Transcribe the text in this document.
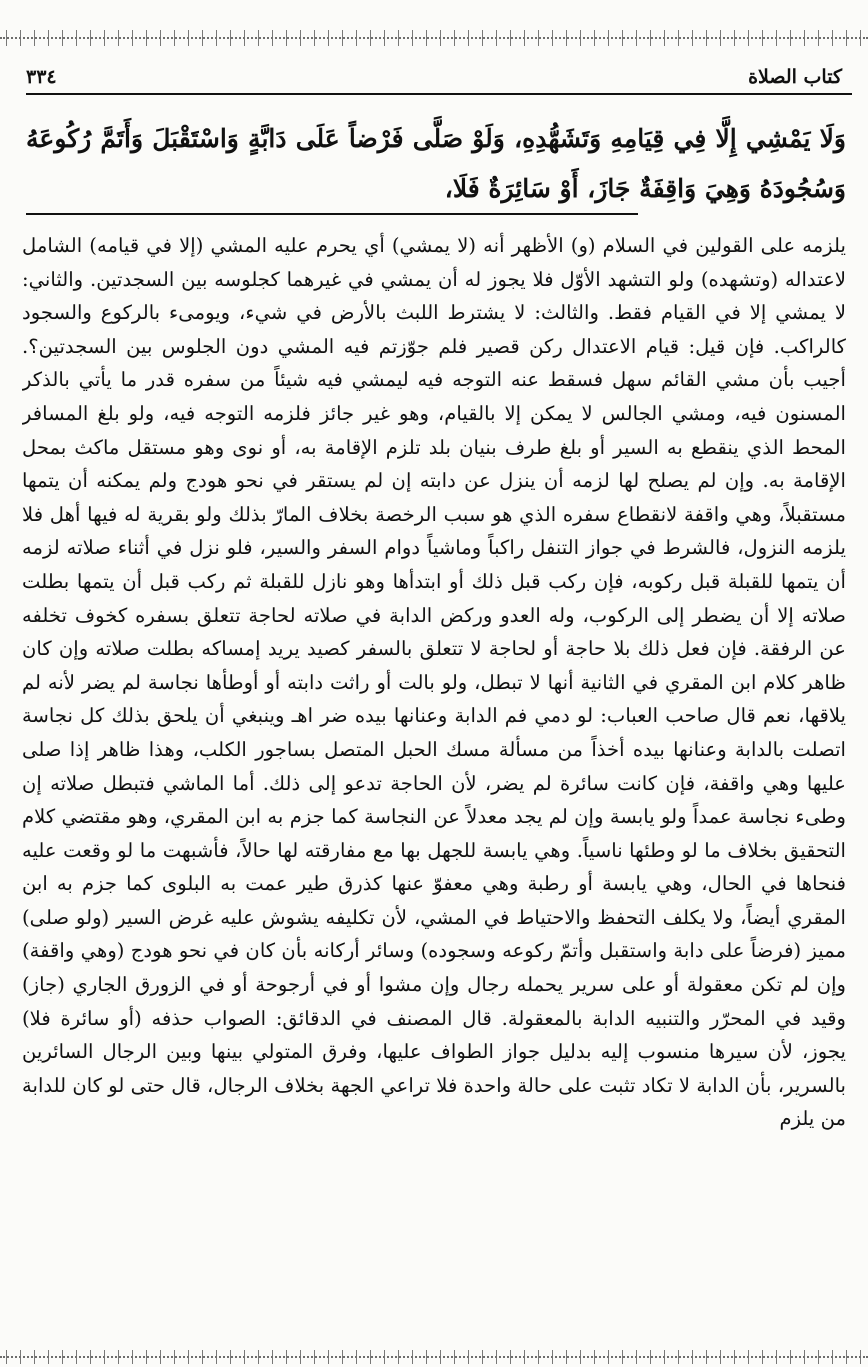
٣٣٤	كتاب الصلاة
وَلَا يَمْشِي إِلَّا فِي قِيَامِهِ وَتَشَهُّدِهِ، وَلَوْ صَلَّى فَرْضاً عَلَى دَابَّةٍ وَاسْتَقْبَلَ وَأَتَمَّ رُكُوعَهُ وَسُجُودَهُ وَهِيَ وَاقِفَةٌ جَازَ، أَوْ سَائِرَةٌ فَلَا،

يلزمه على القولين في السلام (و) الأظهر أنه (لا يمشي) أي يحرم عليه المشي (إلا في قيامه) الشامل لاعتداله (وتشهده) ولو التشهد الأوّل فلا يجوز له أن يمشي في غيرهما كجلوسه بين السجدتين. والثاني: لا يمشي إلا في القيام فقط. والثالث: لا يشترط اللبث بالأرض في شيء، ويومىء بالركوع والسجود كالراكب. فإن قيل: قيام الاعتدال ركن قصير فلم جوّزتم فيه المشي دون الجلوس بين السجدتين؟. أجيب بأن مشي القائم سهل فسقط عنه التوجه فيه ليمشي فيه شيئاً من سفره قدر ما يأتي بالذكر المسنون فيه، ومشي الجالس لا يمكن إلا بالقيام، وهو غير جائز فلزمه التوجه فيه، ولو بلغ المسافر المحط الذي ينقطع به السير أو بلغ طرف بنيان بلد تلزم الإقامة به، أو نوى وهو مستقل ماكث بمحل الإقامة به. وإن لم يصلح لها لزمه أن ينزل عن دابته إن لم يستقر في نحو هودج ولم يمكنه أن يتمها مستقبلاً، وهي واقفة لانقطاع سفره الذي هو سبب الرخصة بخلاف المارّ بذلك ولو بقرية له فيها أهل فلا يلزمه النزول، فالشرط في جواز التنفل راكباً وماشياً دوام السفر والسير، فلو نزل في أثناء صلاته لزمه أن يتمها للقبلة قبل ركوبه، فإن ركب قبل ذلك أو ابتدأها وهو نازل للقبلة ثم ركب قبل أن يتمها بطلت صلاته إلا أن يضطر إلى الركوب، وله العدو وركض الدابة في صلاته لحاجة تتعلق بسفره كخوف تخلفه عن الرفقة. فإن فعل ذلك بلا حاجة أو لحاجة لا تتعلق بالسفر كصيد يريد إمساكه بطلت صلاته وإن كان ظاهر كلام ابن المقري في الثانية أنها لا تبطل، ولو بالت أو راثت دابته أو أوطأها نجاسة لم يضر لأنه لم يلاقها، نعم قال صاحب العباب: لو دمي فم الدابة وعنانها بيده ضر اهـ وينبغي أن يلحق بذلك كل نجاسة اتصلت بالدابة وعنانها بيده أخذاً من مسألة مسك الحبل المتصل بساجور الكلب، وهذا ظاهر إذا صلى عليها وهي واقفة، فإن كانت سائرة لم يضر، لأن الحاجة تدعو إلى ذلك. أما الماشي فتبطل صلاته إن وطىء نجاسة عمداً ولو يابسة وإن لم يجد معدلاً عن النجاسة كما جزم به ابن المقري، وهو مقتضي كلام التحقيق بخلاف ما لو وطئها ناسياً. وهي يابسة للجهل بها مع مفارقته لها حالاً، فأشبهت ما لو وقعت عليه فنحاها في الحال، وهي يابسة أو رطبة وهي معفوّ عنها كذرق طير عمت به البلوى كما جزم به ابن المقري أيضاً، ولا يكلف التحفظ والاحتياط في المشي، لأن تكليفه يشوش عليه غرض السير (ولو صلى) مميز (فرضاً على دابة واستقبل وأتمّ ركوعه وسجوده) وسائر أركانه بأن كان في نحو هودج (وهي واقفة) وإن لم تكن معقولة أو على سرير يحمله رجال وإن مشوا أو في أرجوحة أو في الزورق الجاري (جاز) وقيد في المحرّر والتنبيه الدابة بالمعقولة. قال المصنف في الدقائق: الصواب حذفه (أو سائرة فلا) يجوز، لأن سيرها منسوب إليه بدليل جواز الطواف عليها، وفرق المتولي بينها وبين الرجال السائرين بالسرير، بأن الدابة لا تكاد تثبت على حالة واحدة فلا تراعي الجهة بخلاف الرجال، قال حتى لو كان للدابة من يلزم
